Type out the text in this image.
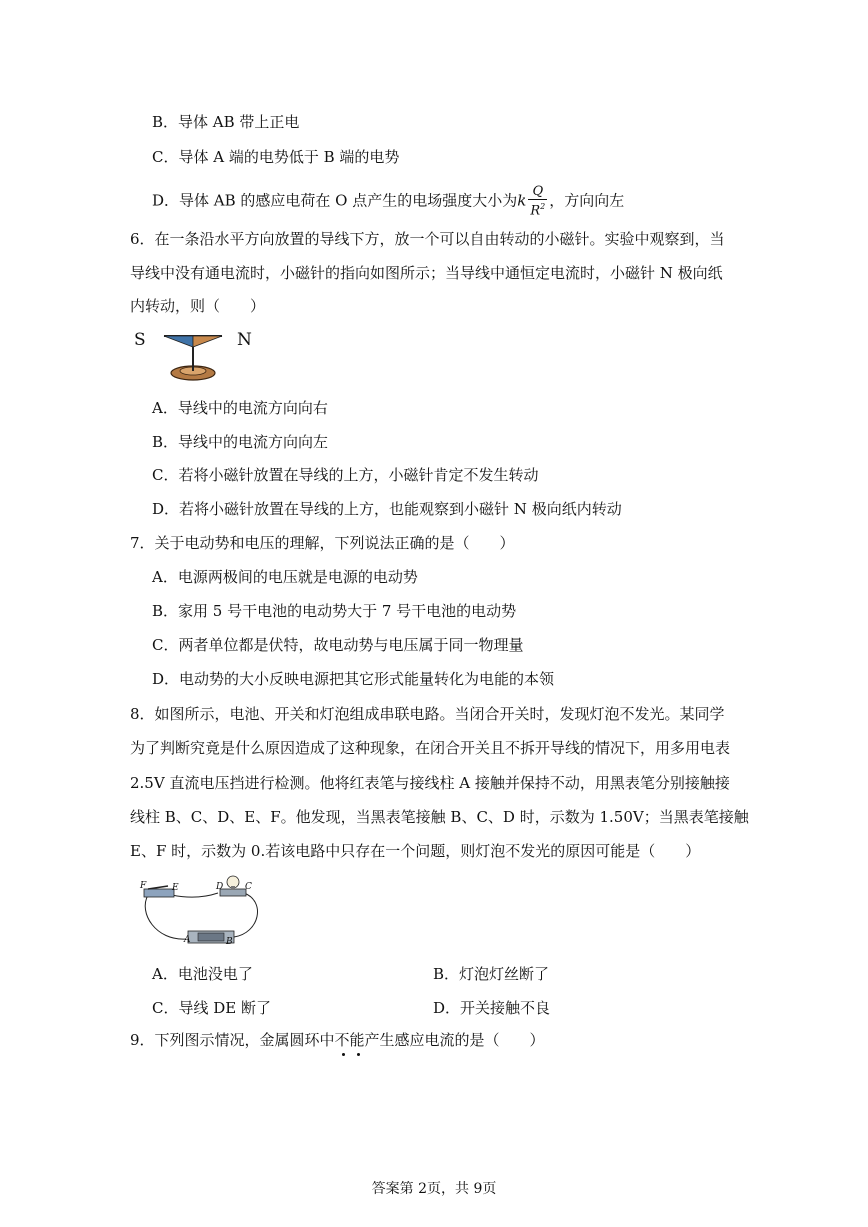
B．导体 AB 带上正电
C．导体 A 端的电势低于 B 端的电势
D．导体 AB 的感应电荷在 O 点产生的电场强度大小为k $\frac{Q}{R^2}$ ，方向向左
6．在一条沿水平方向放置的导线下方，放一个可以自由转动的小磁针。实验中观察到，当
导线中没有通电流时，小磁针的指向如图所示；当导线中通恒定电流时，小磁针 N 极向纸
内转动，则（　　）
S	N
A．导线中的电流方向向右
B．导线中的电流方向向左
C．若将小磁针放置在导线的上方，小磁针肯定不发生转动
D．若将小磁针放置在导线的上方，也能观察到小磁针 N 极向纸内转动
7．关于电动势和电压的理解，下列说法正确的是（　　）
A．电源两极间的电压就是电源的电动势
B．家用 5 号干电池的电动势大于 7 号干电池的电动势
C．两者单位都是伏特，故电动势与电压属于同一物理量
D．电动势的大小反映电源把其它形式能量转化为电能的本领
8．如图所示，电池、开关和灯泡组成串联电路。当闭合开关时，发现灯泡不发光。某同学
为了判断究竟是什么原因造成了这种现象，在闭合开关且不拆开导线的情况下，用多用电表
2.5V 直流电压挡进行检测。他将红表笔与接线柱 A 接触并保持不动，用黑表笔分别接触接
线柱 B、C、D、E、F。他发现，当黑表笔接触 B、C、D 时，示数为 1.50V；当黑表笔接触
E、F 时，示数为 0.若该电路中只存在一个问题，则灯泡不发光的原因可能是（　　）
F	E	D C
A	B
A．电池没电了	B．灯泡灯丝断了
C．导线 DE 断了	D．开关接触不良
9．下列图示情况，金属圆环中不能产生感应电流的是（　　）
答案第 2页，共 9页
